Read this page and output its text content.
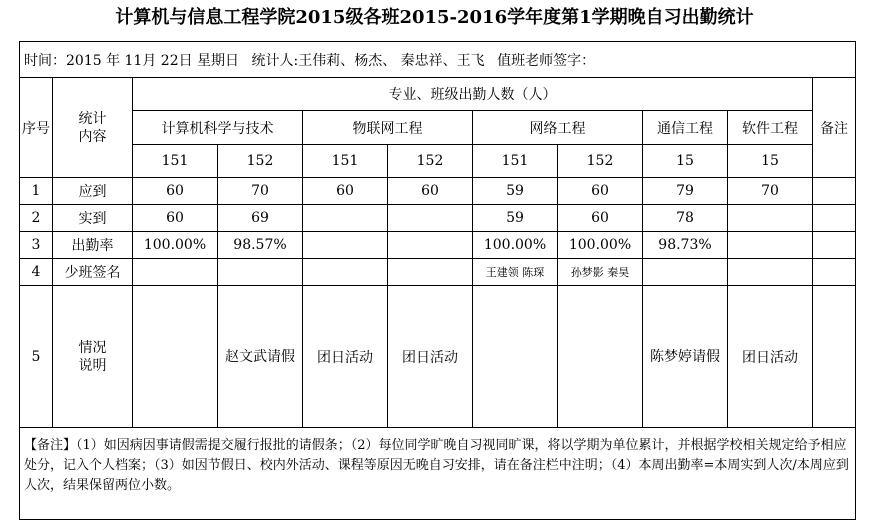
计算机与信息工程学院2015级各班2015-2016学年度第1学期晚自习出勤统计
时间：2015 年 11月 22日 星期日 统计人:王伟莉、杨杰、 秦忠祥、王飞 值班老师签字：										
序号	统计内容	专业、班级出勤人数（人）								备注
		计算机科学与技术		物联网工程		网络工程		通信工程	软件工程	
		151	152	151	152	151	152	15	15	
1	应到	60	70	60	60	59	60	79	70	
2	实到	60	69			59	60	78		
3	出勤率	100.00%	98.57%			100.00%	100.00%	98.73%		
4	少班签名					王建领 陈琛	孙梦影 秦昊			
5	情况说明		赵文武请假	团日活动	团日活动			陈梦婷请假	团日活动	
【备注】（1）如因病因事请假需提交履行报批的请假条；（2）每位同学旷晚自习视同旷课，将以学期为单位累计，并根据学校相关规定给予相应处分，记入个人档案；（3）如因节假日、校内外活动、课程等原因无晚自习安排，请在备注栏中注明；（4）本周出勤率=本周实到人次/本周应到人次，结果保留两位小数。										
